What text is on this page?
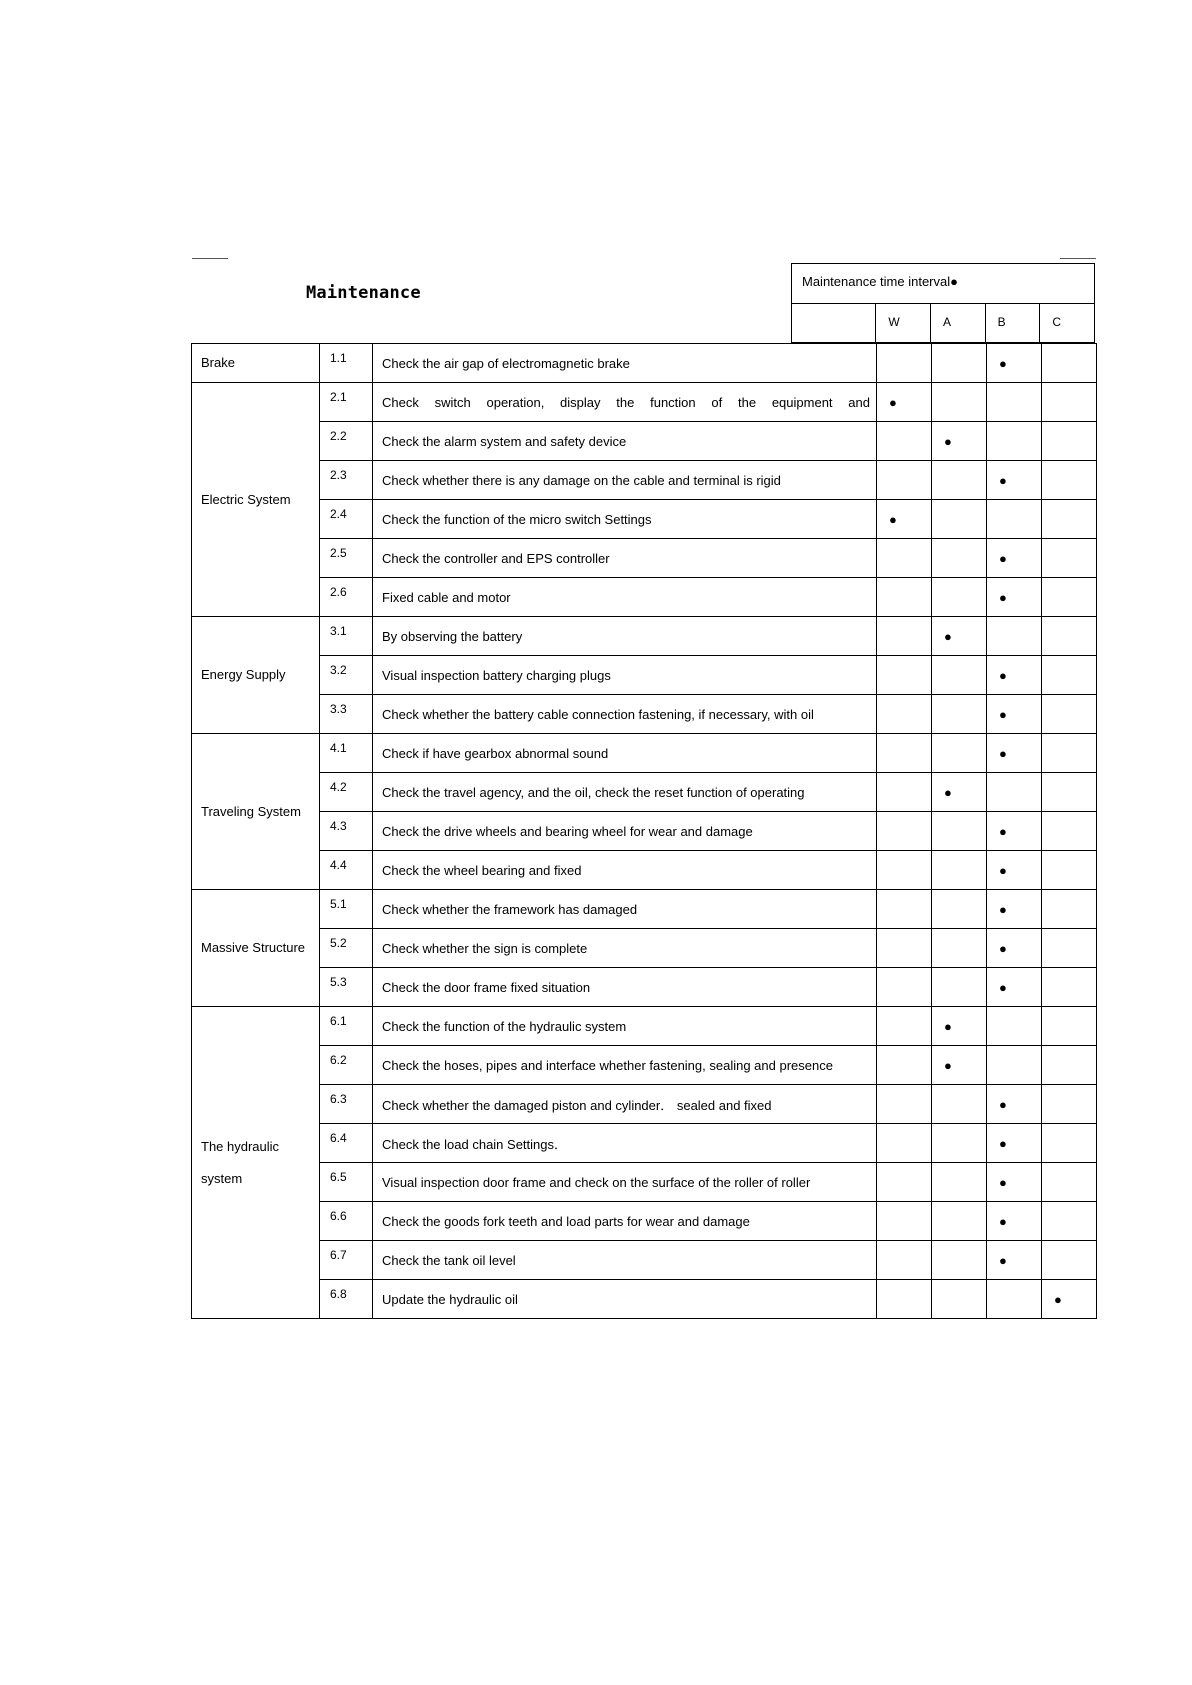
Maintenance
Maintenance time interval●
W	A	B	C
Brake	1.1	Check the air gap of electromagnetic brake			●	
Electric System	2.1	Check switch operation, display the function of the equipment and	●			
	2.2	Check the alarm system and safety device		●		
	2.3	Check whether there is any damage on the cable and terminal is rigid			●	
	2.4	Check the function of the micro switch Settings	●			
	2.5	Check the controller and EPS controller			●	
	2.6	Fixed cable and motor			●	
Energy Supply	3.1	By observing the battery		●		
	3.2	Visual inspection battery charging plugs			●	
	3.3	Check whether the battery cable connection fastening, if necessary, with oil			●	
Traveling System	4.1	Check if have gearbox abnormal sound			●	
	4.2	Check the travel agency, and the oil, check the reset function of operating		●		
	4.3	Check the drive wheels and bearing wheel for wear and damage			●	
	4.4	Check the wheel bearing and fixed			●	
Massive Structure	5.1	Check whether the framework has damaged			●	
	5.2	Check whether the sign is complete			●	
	5.3	Check the door frame fixed situation			●	
The hydraulic system	6.1	Check the function of the hydraulic system		●		
	6.2	Check the hoses, pipes and interface whether fastening, sealing and presence		●		
	6.3	Check whether the damaged piston and cylinder． sealed and fixed			●	
	6.4	Check the load chain Settings．			●	
	6.5	Visual inspection door frame and check on the surface of the roller of roller			●	
	6.6	Check the goods fork teeth and load parts for wear and damage			●	
	6.7	Check the tank oil level			●	
	6.8	Update the hydraulic oil				●
